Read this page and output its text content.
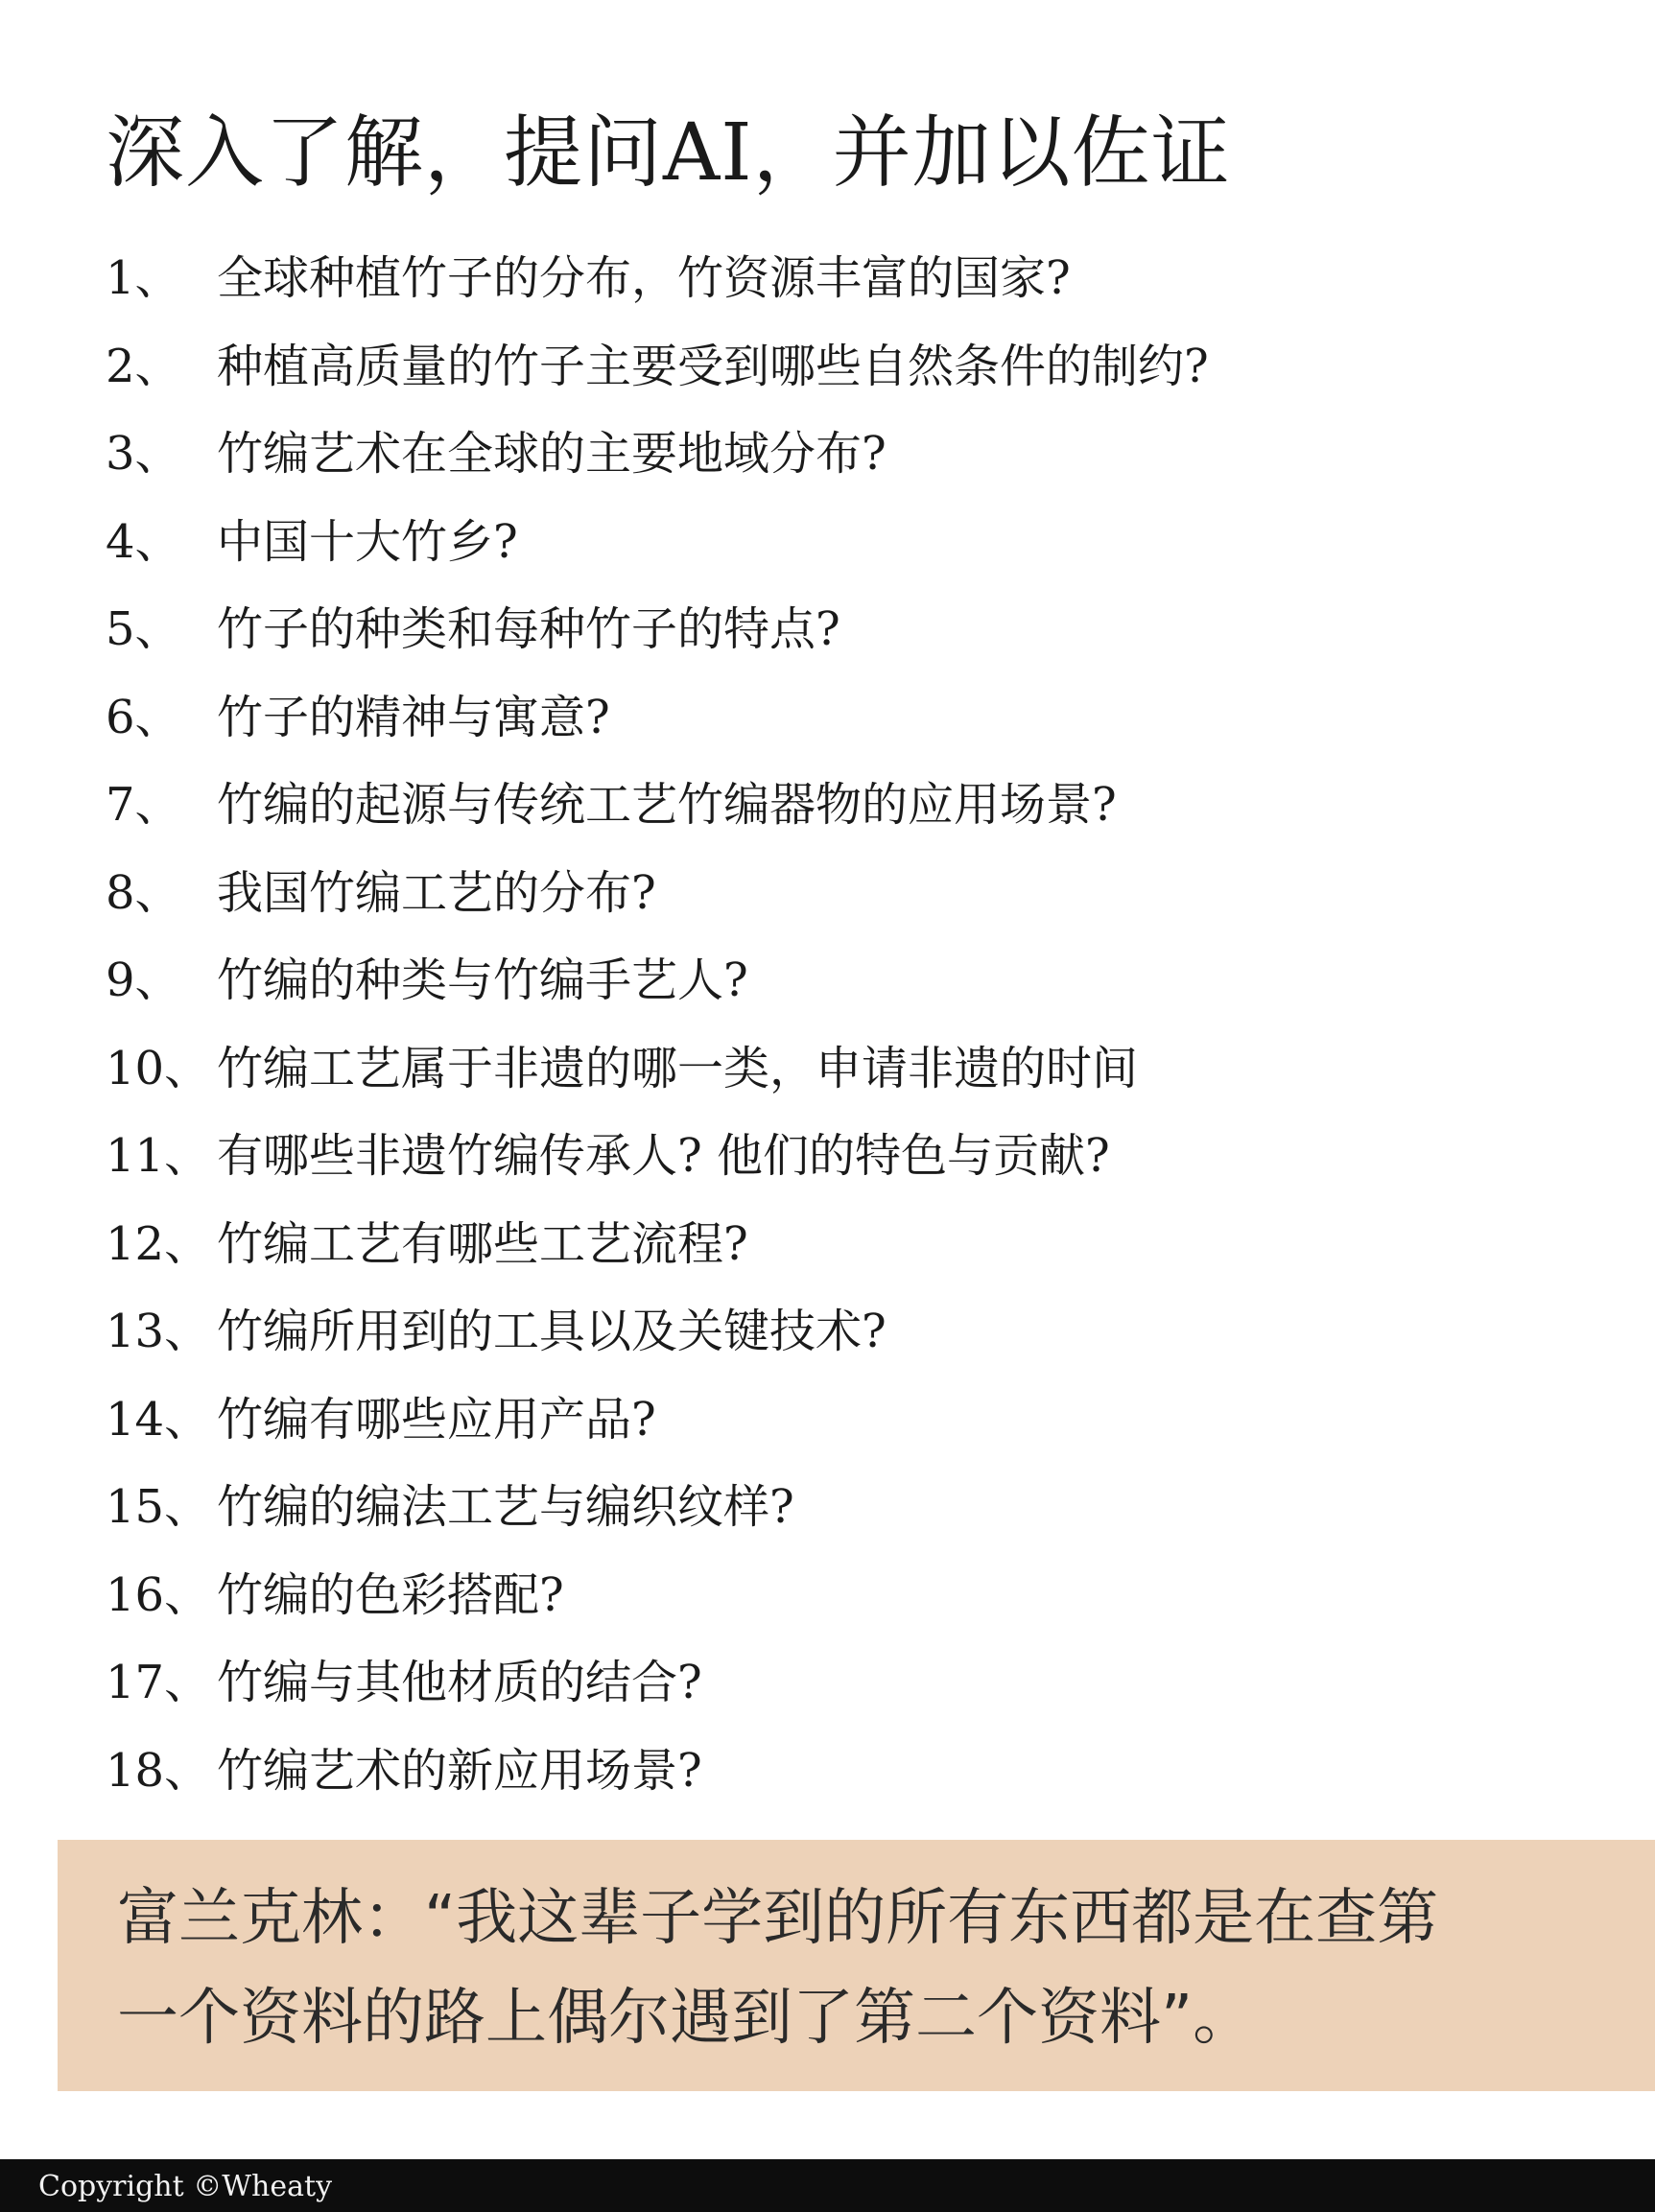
深入了解，提问AI，并加以佐证
1、 全球种植竹子的分布，竹资源丰富的国家?
2、 种植高质量的竹子主要受到哪些自然条件的制约?
3、 竹编艺术在全球的主要地域分布?
4、 中国十大竹乡?
5、 竹子的种类和每种竹子的特点?
6、 竹子的精神与寓意?
7、 竹编的起源与传统工艺竹编器物的应用场景?
8、 我国竹编工艺的分布?
9、 竹编的种类与竹编手艺人?
10、 竹编工艺属于非遗的哪一类，申请非遗的时间
11、 有哪些非遗竹编传承人? 他们的特色与贡献?
12、 竹编工艺有哪些工艺流程?
13、 竹编所用到的工具以及关键技术?
14、 竹编有哪些应用产品?
15、 竹编的编法工艺与编织纹样?
16、 竹编的色彩搭配?
17、 竹编与其他材质的结合?
18、 竹编艺术的新应用场景?
富兰克林：“我这辈子学到的所有东西都是在查第
一个资料的路上偶尔遇到了第二个资料”。
Copyright ©Wheaty
